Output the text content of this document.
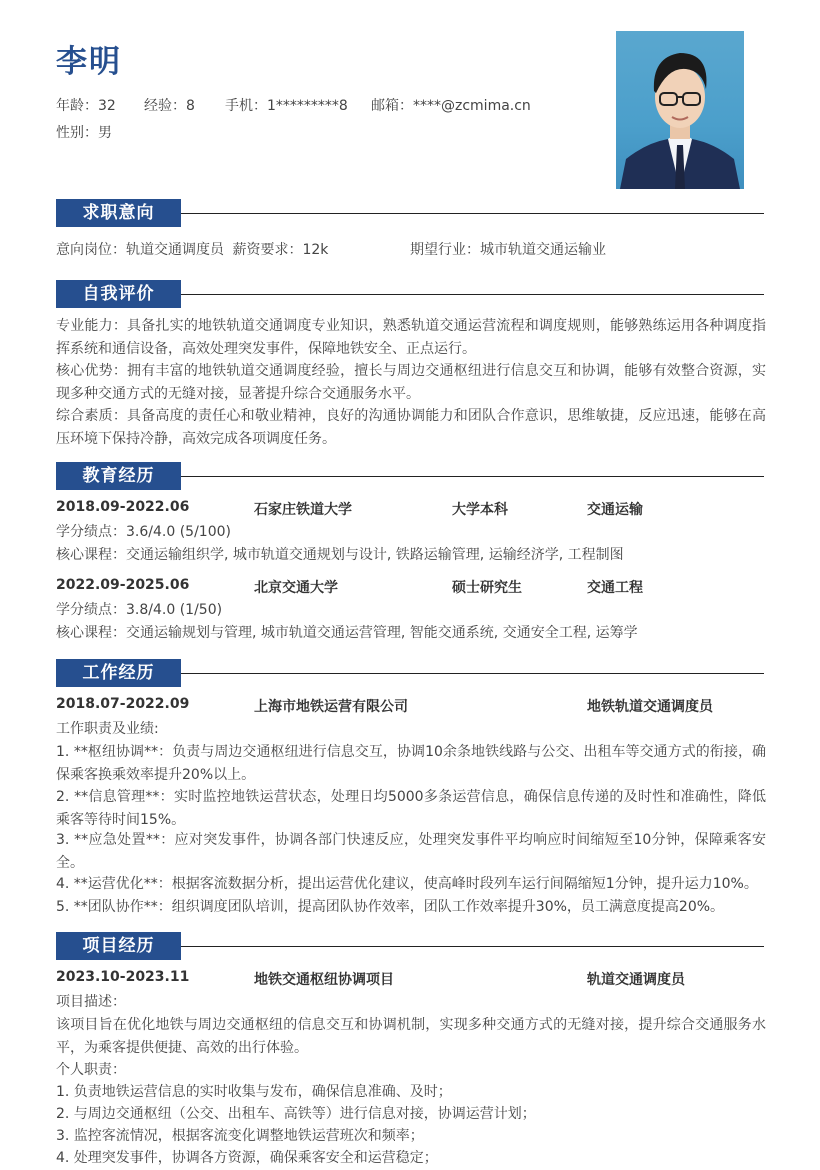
李明
年龄：32 经验：8 手机：1*********8 邮箱：****@zcmima.cn
性别：男
求职意向
意向岗位：轨道交通调度员 薪资要求：12k	期望行业：城市轨道交通运输业
自我评价
专业能力：具备扎实的地铁轨道交通调度专业知识，熟悉轨道交通运营流程和调度规则，能够熟练运用各种调度指挥系统和通信设备，高效处理突发事件，保障地铁安全、正点运行。
核心优势：拥有丰富的地铁轨道交通调度经验，擅长与周边交通枢纽进行信息交互和协调，能够有效整合资源，实现多种交通方式的无缝对接，显著提升综合交通服务水平。
综合素质：具备高度的责任心和敬业精神，良好的沟通协调能力和团队合作意识，思维敏捷，反应迅速，能够在高压环境下保持冷静，高效完成各项调度任务。
教育经历
2018.09-2022.06	石家庄铁道大学	大学本科	交通运输
学分绩点：3.6/4.0 (5/100)
核心课程：交通运输组织学, 城市轨道交通规划与设计, 铁路运输管理, 运输经济学, 工程制图
2022.09-2025.06	北京交通大学	硕士研究生	交通工程
学分绩点：3.8/4.0 (1/50)
核心课程：交通运输规划与管理, 城市轨道交通运营管理, 智能交通系统, 交通安全工程, 运筹学
工作经历
2018.07-2022.09	上海市地铁运营有限公司	地铁轨道交通调度员
工作职责及业绩:
1. **枢纽协调**：负责与周边交通枢纽进行信息交互，协调10余条地铁线路与公交、出租车等交通方式的衔接，确保乘客换乘效率提升20%以上。
2. **信息管理**：实时监控地铁运营状态，处理日均5000多条运营信息，确保信息传递的及时性和准确性，降低乘客等待时间15%。
3. **应急处置**：应对突发事件，协调各部门快速反应，处理突发事件平均响应时间缩短至10分钟，保障乘客安全。
4. **运营优化**：根据客流数据分析，提出运营优化建议，使高峰时段列车运行间隔缩短1分钟，提升运力10%。
5. **团队协作**：组织调度团队培训，提高团队协作效率，团队工作效率提升30%，员工满意度提高20%。
项目经历
2023.10-2023.11	地铁交通枢纽协调项目	轨道交通调度员
项目描述：
该项目旨在优化地铁与周边交通枢纽的信息交互和协调机制，实现多种交通方式的无缝对接，提升综合交通服务水平，为乘客提供便捷、高效的出行体验。
个人职责：
1. 负责地铁运营信息的实时收集与发布，确保信息准确、及时；
2. 与周边交通枢纽（公交、出租车、高铁等）进行信息对接，协调运营计划；
3. 监控客流情况，根据客流变化调整地铁运营班次和频率；
4. 处理突发事件，协调各方资源，确保乘客安全和运营稳定；
